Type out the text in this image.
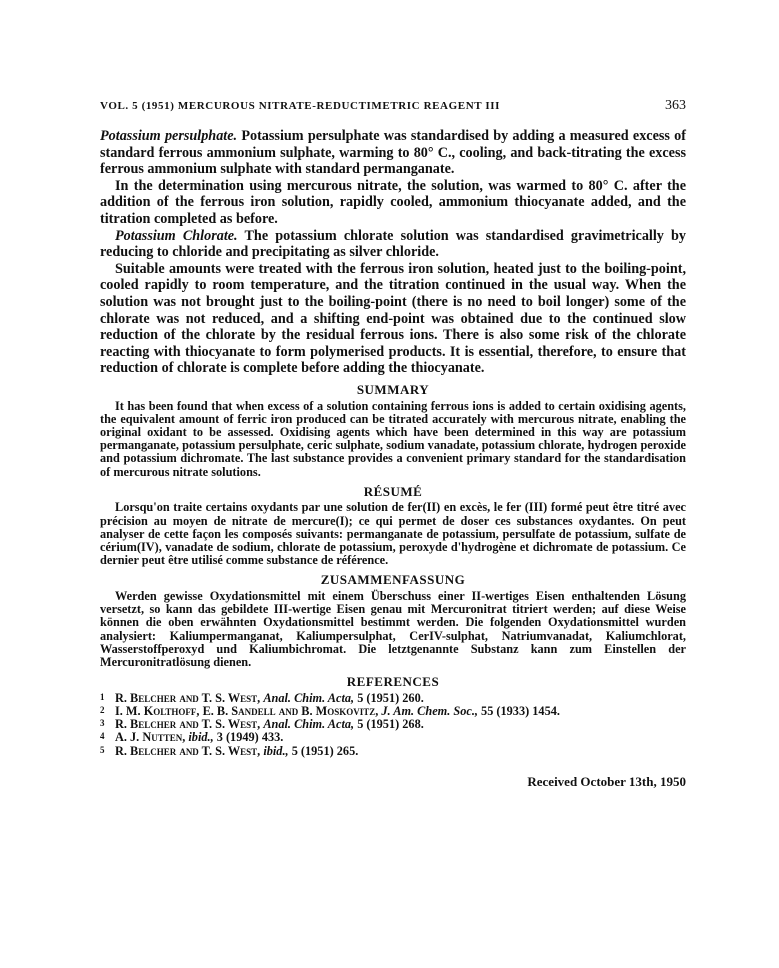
VOL. 5 (1951) MERCUROUS NITRATE-REDUCTIMETRIC REAGENT III	363

Potassium persulphate. Potassium persulphate was standardised by adding a measured excess of standard ferrous ammonium sulphate, warming to 80° C., cooling, and back-titrating the excess ferrous ammonium sulphate with standard permanganate.

In the determination using mercurous nitrate, the solution, was warmed to 80° C. after the addition of the ferrous iron solution, rapidly cooled, ammonium thiocyanate added, and the titration completed as before.

Potassium Chlorate. The potassium chlorate solution was standardised gravimetrically by reducing to chloride and precipitating as silver chloride.

Suitable amounts were treated with the ferrous iron solution, heated just to the boiling-point, cooled rapidly to room temperature, and the titration continued in the usual way. When the solution was not brought just to the boiling-point (there is no need to boil longer) some of the chlorate was not reduced, and a shifting end-point was obtained due to the continued slow reduction of the chlorate by the residual ferrous ions. There is also some risk of the chlorate reacting with thiocyanate to form polymerised products. It is essential, therefore, to ensure that reduction of chlorate is complete before adding the thiocyanate.

SUMMARY

It has been found that when excess of a solution containing ferrous ions is added to certain oxidising agents, the equivalent amount of ferric iron produced can be titrated accurately with mercurous nitrate, enabling the original oxidant to be assessed. Oxidising agents which have been determined in this way are potassium permanganate, potassium persulphate, ceric sulphate, sodium vanadate, potassium chlorate, hydrogen peroxide and potassium dichromate. The last substance provides a convenient primary standard for the standardisation of mercurous nitrate solutions.

RÉSUMÉ

Lorsqu'on traite certains oxydants par une solution de fer(II) en excès, le fer (III) formé peut être titré avec précision au moyen de nitrate de mercure(I); ce qui permet de doser ces substances oxydantes. On peut analyser de cette façon les composés suivants: permanganate de potassium, persulfate de potassium, sulfate de cérium(IV), vanadate de sodium, chlorate de potassium, peroxyde d'hydrogène et dichromate de potassium. Ce dernier peut être utilisé comme substance de référence.

ZUSAMMENFASSUNG

Werden gewisse Oxydationsmittel mit einem Überschuss einer II-wertiges Eisen enthaltenden Lösung versetzt, so kann das gebildete III-wertige Eisen genau mit Mercuronitrat titriert werden; auf diese Weise können die oben erwähnten Oxydationsmittel bestimmt werden. Die folgenden Oxydationsmittel wurden analysiert: Kaliumpermanganat, Kaliumpersulphat, CerIV-sulphat, Natriumvanadat, Kaliumchlorat, Wasserstoffperoxyd und Kaliumbichromat. Die letztgenannte Substanz kann zum Einstellen der Mercuronitratlösung dienen.

REFERENCES
1 R. Belcher and T. S. West, Anal. Chim. Acta, 5 (1951) 260.
2 I. M. Kolthoff, E. B. Sandell and B. Moskovitz, J. Am. Chem. Soc., 55 (1933) 1454.
3 R. Belcher and T. S. West, Anal. Chim. Acta, 5 (1951) 268.
4 A. J. Nutten, ibid., 3 (1949) 433.
5 R. Belcher and T. S. West, ibid., 5 (1951) 265.
Received October 13th, 1950
